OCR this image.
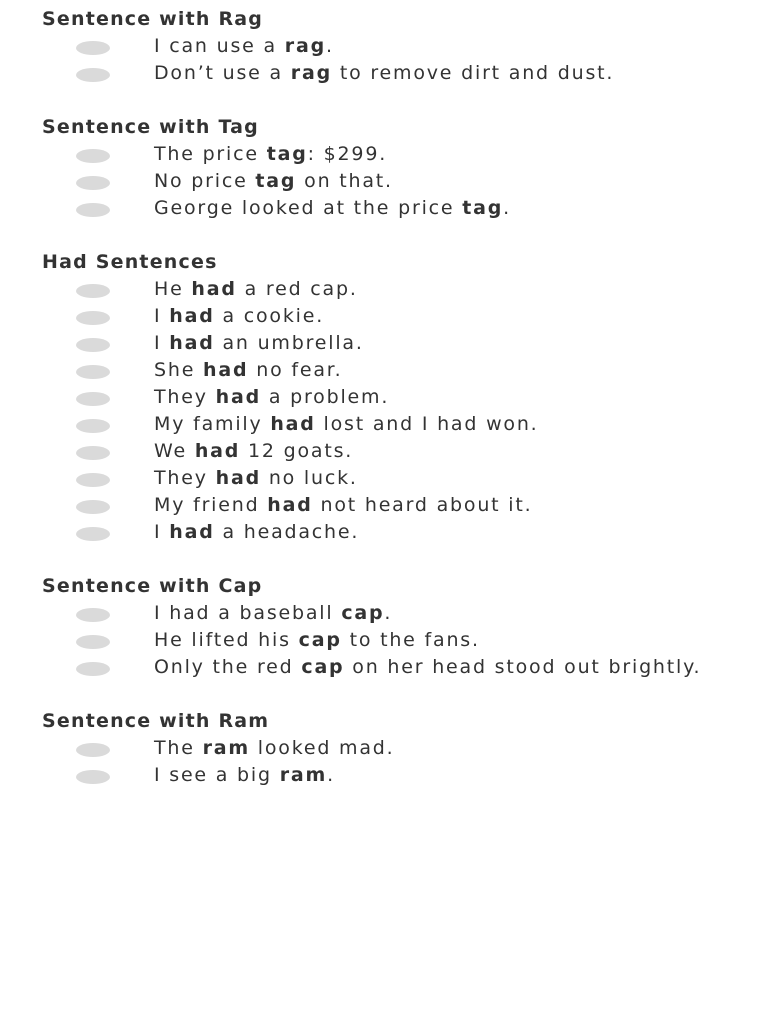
Sentence with Rag
I can use a rag.
Don’t use a rag to remove dirt and dust.
Sentence with Tag
The price tag: $299.
No price tag on that.
George looked at the price tag.
Had Sentences
He had a red cap.
I had a cookie.
I had an umbrella.
She had no fear.
They had a problem.
My family had lost and I had won.
We had 12 goats.
They had no luck.
My friend had not heard about it.
I had a headache.
Sentence with Cap
I had a baseball cap.
He lifted his cap to the fans.
Only the red cap on her head stood out brightly.
Sentence with Ram
The ram looked mad.
I see a big ram.
